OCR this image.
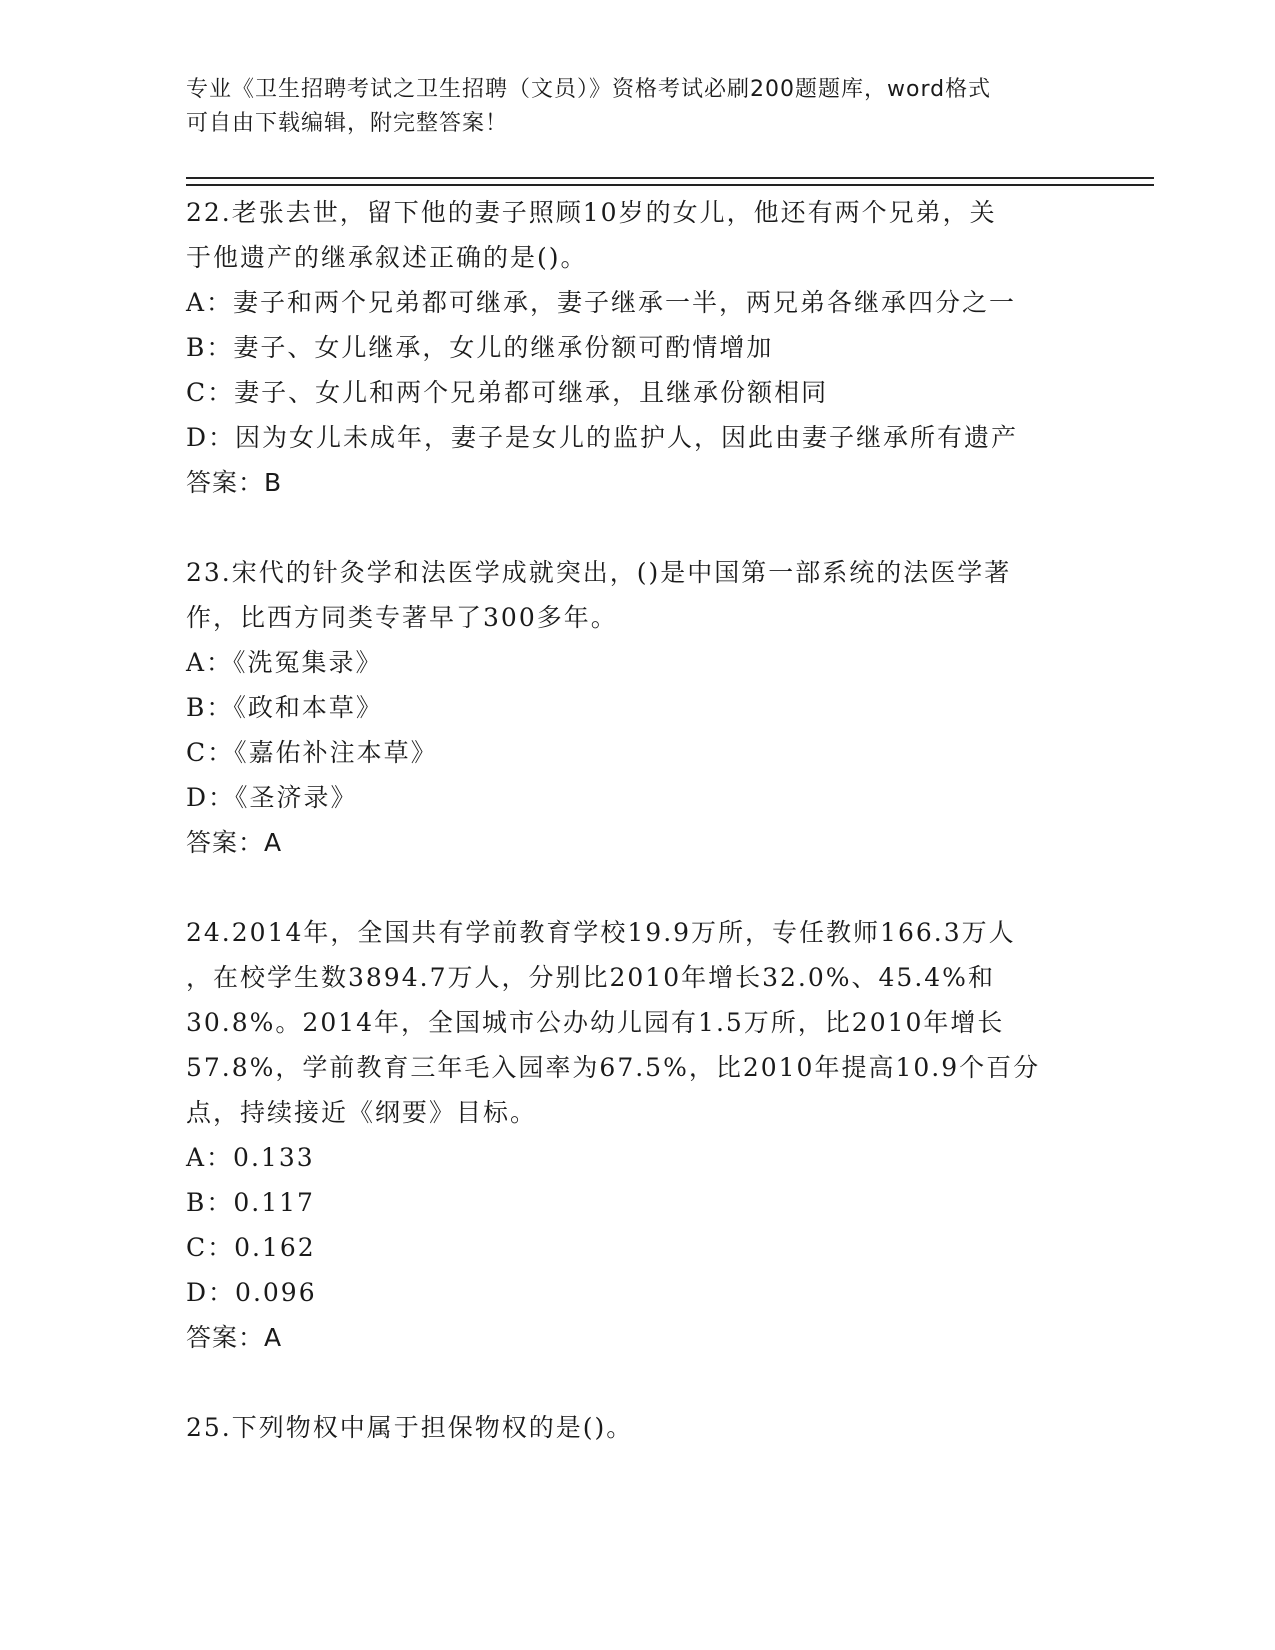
专业《卫生招聘考试之卫生招聘（文员）》资格考试必刷200题题库，word格式
可自由下载编辑，附完整答案！

22.老张去世，留下他的妻子照顾10岁的女儿，他还有两个兄弟，关

于他遗产的继承叙述正确的是()。

A：妻子和两个兄弟都可继承，妻子继承一半，两兄弟各继承四分之一

B：妻子、女儿继承，女儿的继承份额可酌情增加

C：妻子、女儿和两个兄弟都可继承，且继承份额相同

D：因为女儿未成年，妻子是女儿的监护人，因此由妻子继承所有遗产

答案：B

23.宋代的针灸学和法医学成就突出，()是中国第一部系统的法医学著

作，比西方同类专著早了300多年。

A：《洗冤集录》

B：《政和本草》

C：《嘉佑补注本草》

D：《圣济录》

答案：A

24.2014年，全国共有学前教育学校19.9万所，专任教师166.3万人

，在校学生数3894.7万人，分别比2010年增长32.0%、45.4%和

30.8%。2014年，全国城市公办幼儿园有1.5万所，比2010年增长

57.8%，学前教育三年毛入园率为67.5%，比2010年提高10.9个百分

点，持续接近《纲要》目标。

A：0.133

B：0.117

C：0.162

D：0.096

答案：A

25.下列物权中属于担保物权的是()。
